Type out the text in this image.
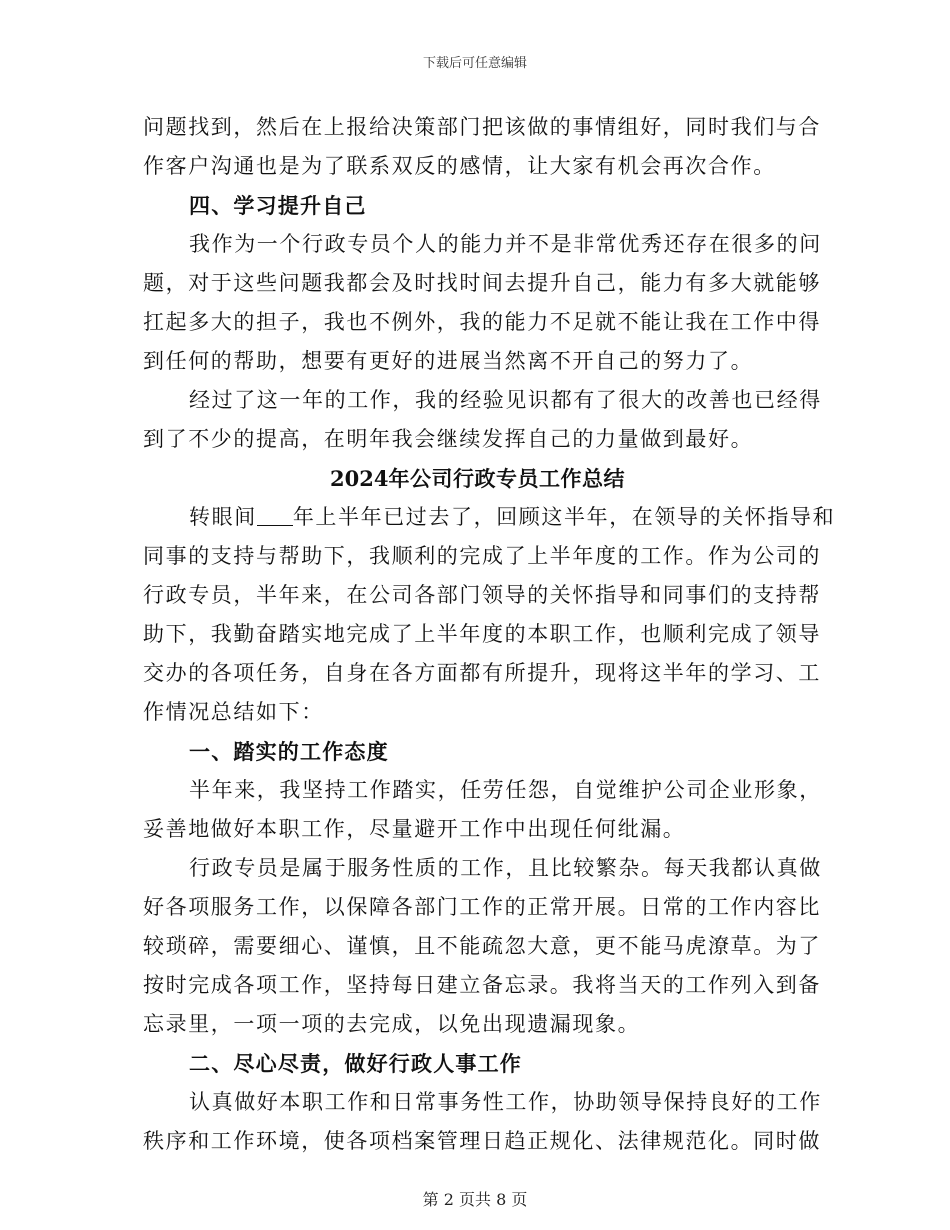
下载后可任意编辑
问题找到，然后在上报给决策部门把该做的事情组好，同时我们与合
作客户沟通也是为了联系双反的感情，让大家有机会再次合作。
四、学习提升自己
我作为一个行政专员个人的能力并不是非常优秀还存在很多的问
题，对于这些问题我都会及时找时间去提升自己，能力有多大就能够
扛起多大的担子，我也不例外，我的能力不足就不能让我在工作中得
到任何的帮助，想要有更好的进展当然离不开自己的努力了。
经过了这一年的工作，我的经验见识都有了很大的改善也已经得
到了不少的提高，在明年我会继续发挥自己的力量做到最好。
2024年公司行政专员工作总结
转眼间 年上半年已过去了，回顾这半年，在领导的关怀指导和
同事的支持与帮助下，我顺利的完成了上半年度的工作。作为公司的
行政专员，半年来，在公司各部门领导的关怀指导和同事们的支持帮
助下，我勤奋踏实地完成了上半年度的本职工作，也顺利完成了领导
交办的各项任务，自身在各方面都有所提升，现将这半年的学习、工
作情况总结如下：
一、踏实的工作态度
半年来，我坚持工作踏实，任劳任怨，自觉维护公司企业形象，
妥善地做好本职工作，尽量避开工作中出现任何纰漏。
行政专员是属于服务性质的工作，且比较繁杂。每天我都认真做
好各项服务工作，以保障各部门工作的正常开展。日常的工作内容比
较琐碎，需要细心、谨慎，且不能疏忽大意，更不能马虎潦草。为了
按时完成各项工作，坚持每日建立备忘录。我将当天的工作列入到备
忘录里，一项一项的去完成，以免出现遗漏现象。
二、尽心尽责，做好行政人事工作
认真做好本职工作和日常事务性工作，协助领导保持良好的工作
秩序和工作环境，使各项档案管理日趋正规化、法律规范化。同时做
第 2 页共 8 页
